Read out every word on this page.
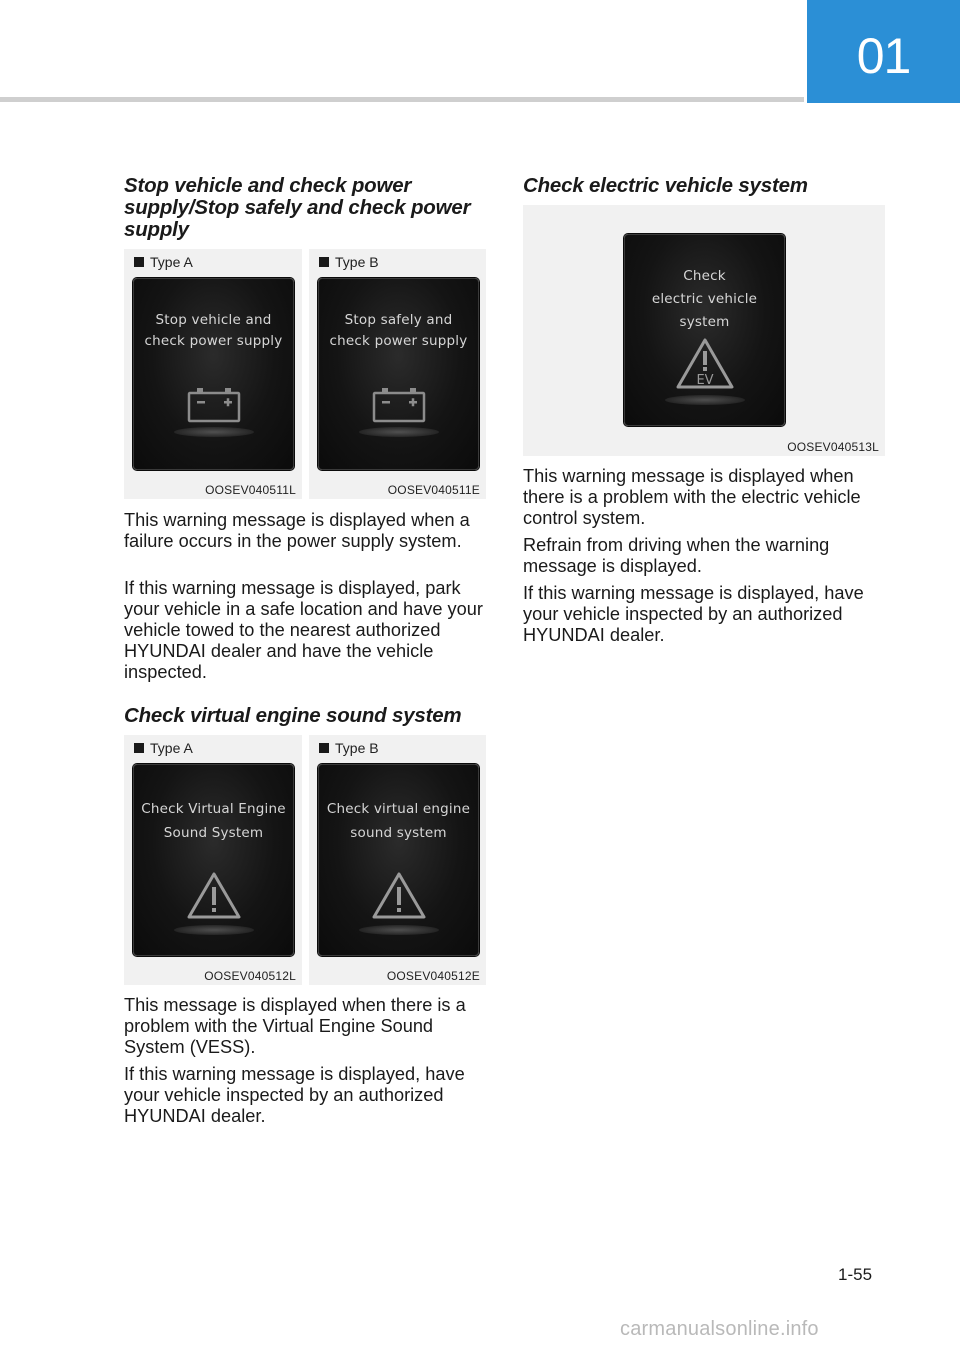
01
Stop vehicle and check power supply/Stop safely and check power supply
Type A
Stop vehicle and
check power supply
OOSEV040511L
Type B
Stop safely and
check power supply
OOSEV040511E

This warning message is displayed when a failure occurs in the power supply system.

If this warning message is displayed, park your vehicle in a safe location and have your vehicle towed to the nearest authorized HYUNDAI dealer and have the vehicle inspected.

Check virtual engine sound system
Type A
Check Virtual Engine
Sound System
OOSEV040512L
Type B
Check virtual engine
sound system
OOSEV040512E

This message is displayed when there is a problem with the Virtual Engine Sound System (VESS).

If this warning message is displayed, have your vehicle inspected by an authorized HYUNDAI dealer.

Check electric vehicle system
Check
electric vehicle system
EV
OOSEV040513L

This warning message is displayed when there is a problem with the electric vehicle control system.

Refrain from driving when the warning message is displayed.

If this warning message is displayed, have your vehicle inspected by an authorized HYUNDAI dealer.

1-55
carmanualsonline.info
